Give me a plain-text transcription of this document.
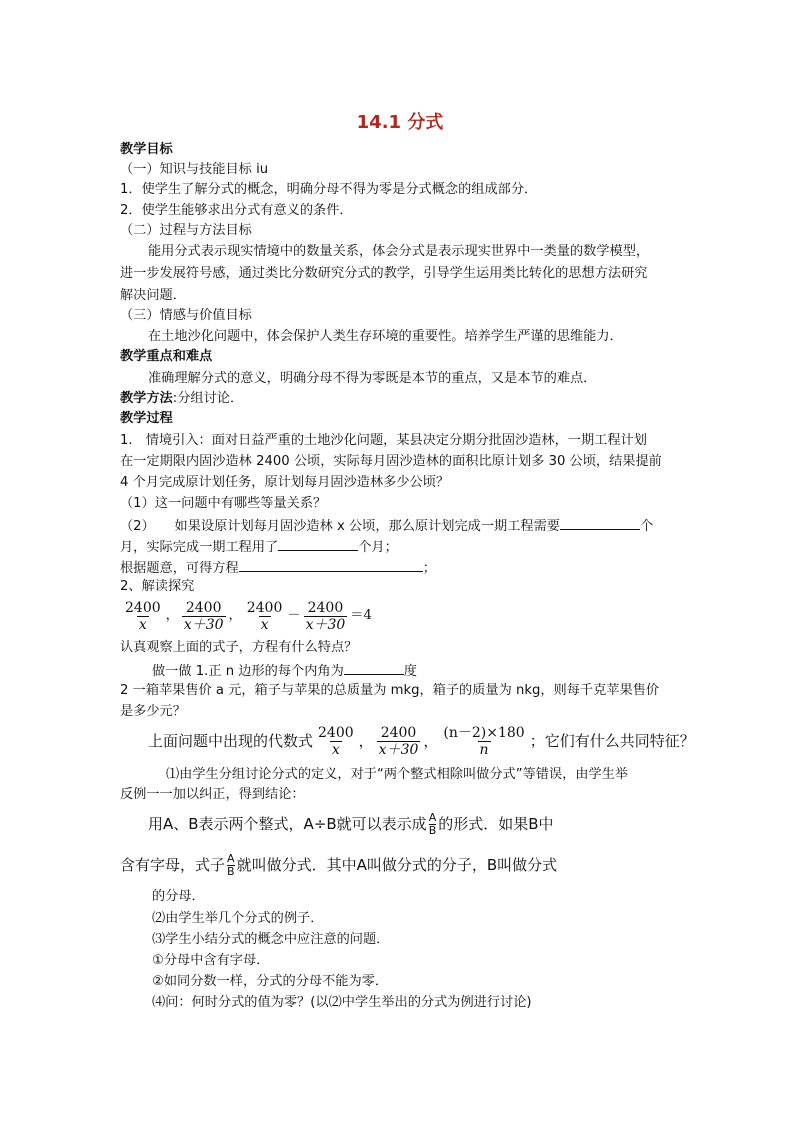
14.1 分式
教学目标
（一）知识与技能目标 iu
1．使学生了解分式的概念，明确分母不得为零是分式概念的组成部分．
2．使学生能够求出分式有意义的条件．
（二）过程与方法目标
能用分式表示现实情境中的数量关系，体会分式是表示现实世界中一类量的数学模型，
进一步发展符号感，通过类比分数研究分式的教学，引导学生运用类比转化的思想方法研究
解决问题．
（三）情感与价值目标
在土地沙化问题中，体会保护人类生存环境的重要性。培养学生严谨的思维能力．
教学重点和难点
准确理解分式的意义，明确分母不得为零既是本节的重点，又是本节的难点．
教学方法:分组讨论．
教学过程
1.　情境引入：面对日益严重的土地沙化问题，某县决定分期分批固沙造林，一期工程计划
在一定期限内固沙造林 2400 公顷，实际每月固沙造林的面积比原计划多 30 公顷，结果提前
4 个月完成原计划任务，原计划每月固沙造林多少公顷？
（1）这一问题中有哪些等量关系？
（2）　　如果设原计划每月固沙造林 x 公顷，那么原计划完成一期工程需要	个
月，实际完成一期工程用了	个月；
根据题意，可得方程	；
2、解读探究
$\frac{2400}{x}$ ， $\frac{2400}{x+30}$ ， $\frac{2400}{x} - \frac{2400}{x+30} =4$
认真观察上面的式子，方程有什么特点？
做一做 1.正 n 边形的每个内角为	度
2 一箱苹果售价 a 元，箱子与苹果的总质量为 mkg，箱子的质量为 nkg，则每千克苹果售价
是多少元？
上面问题中出现的代数式 $\frac{2400}{x}$ ， $\frac{2400}{x+30}$ ， $\frac{(n-2)\times 180}{n}$ ；它们有什么共同特征？
⑴由学生分组讨论分式的定义，对于“两个整式相除叫做分式”等错误，由学生举
反例一一加以纠正，得到结论：
用A、B表示两个整式，A÷B就可以表示成 A
B 的形式．如果B中
含有字母，式子 A
B 就叫做分式．其中A叫做分式的分子，B叫做分式
的分母．
⑵由学生举几个分式的例子．
⑶学生小结分式的概念中应注意的问题．
①分母中含有字母．
②如同分数一样，分式的分母不能为零．
⑷问：何时分式的值为零？(以⑵中学生举出的分式为例进行讨论)
